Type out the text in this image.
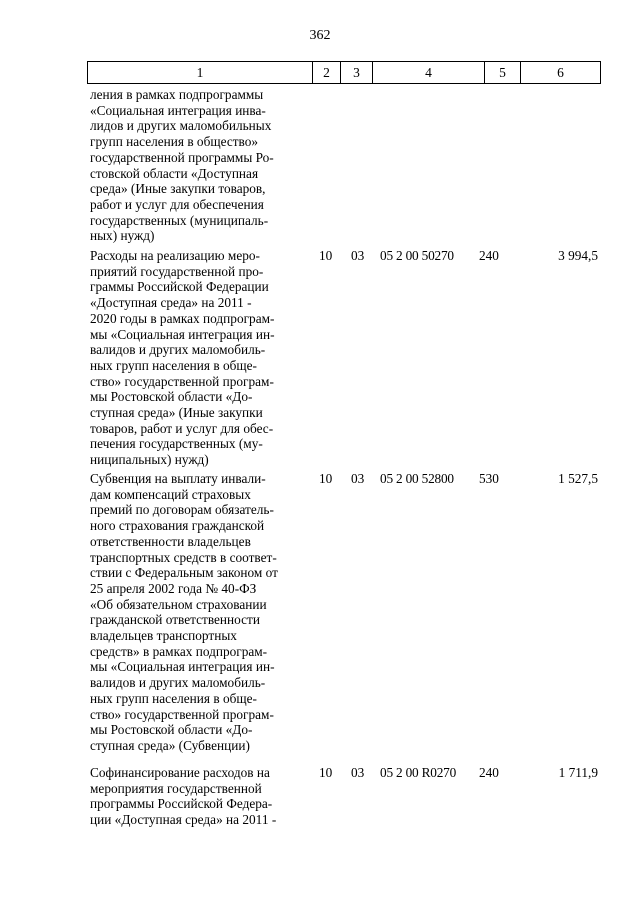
362
1	2	3	4	5	6
ления в рамках подпрограммы
«Социальная интеграция инва-
лидов и других маломобильных
групп населения в общество»
государственной программы Ро-
стовской области «Доступная
среда» (Иные закупки товаров,
работ и услуг для обеспечения
государственных (муниципаль-
ных) нужд)
Расходы на реализацию меро-
приятий государственной про-
граммы Российской Федерации
«Доступная среда» на 2011 -
2020 годы в рамках подпрограм-
мы «Социальная интеграция ин-
валидов и других маломобиль-
ных групп населения в обще-
ство» государственной програм-
мы Ростовской области «До-
ступная среда» (Иные закупки
товаров, работ и услуг для обес-
печения государственных (му-
ниципальных) нужд)
10	03	05 2 00 50270	240	3 994,5
Субвенция на выплату инвали-
дам компенсаций страховых
премий по договорам обязатель-
ного страхования гражданской
ответственности владельцев
транспортных средств в соответ-
ствии с Федеральным законом от
25 апреля 2002 года № 40-ФЗ
«Об обязательном страховании
гражданской ответственности
владельцев транспортных
средств» в рамках подпрограм-
мы «Социальная интеграция ин-
валидов и других маломобиль-
ных групп населения в обще-
ство» государственной програм-
мы Ростовской области «До-
ступная среда» (Субвенции)
10	03	05 2 00 52800	530	1 527,5
Софинансирование расходов на
мероприятия государственной
программы Российской Федера-
ции «Доступная среда» на 2011 -
10	03	05 2 00 R0270	240	1 711,9
